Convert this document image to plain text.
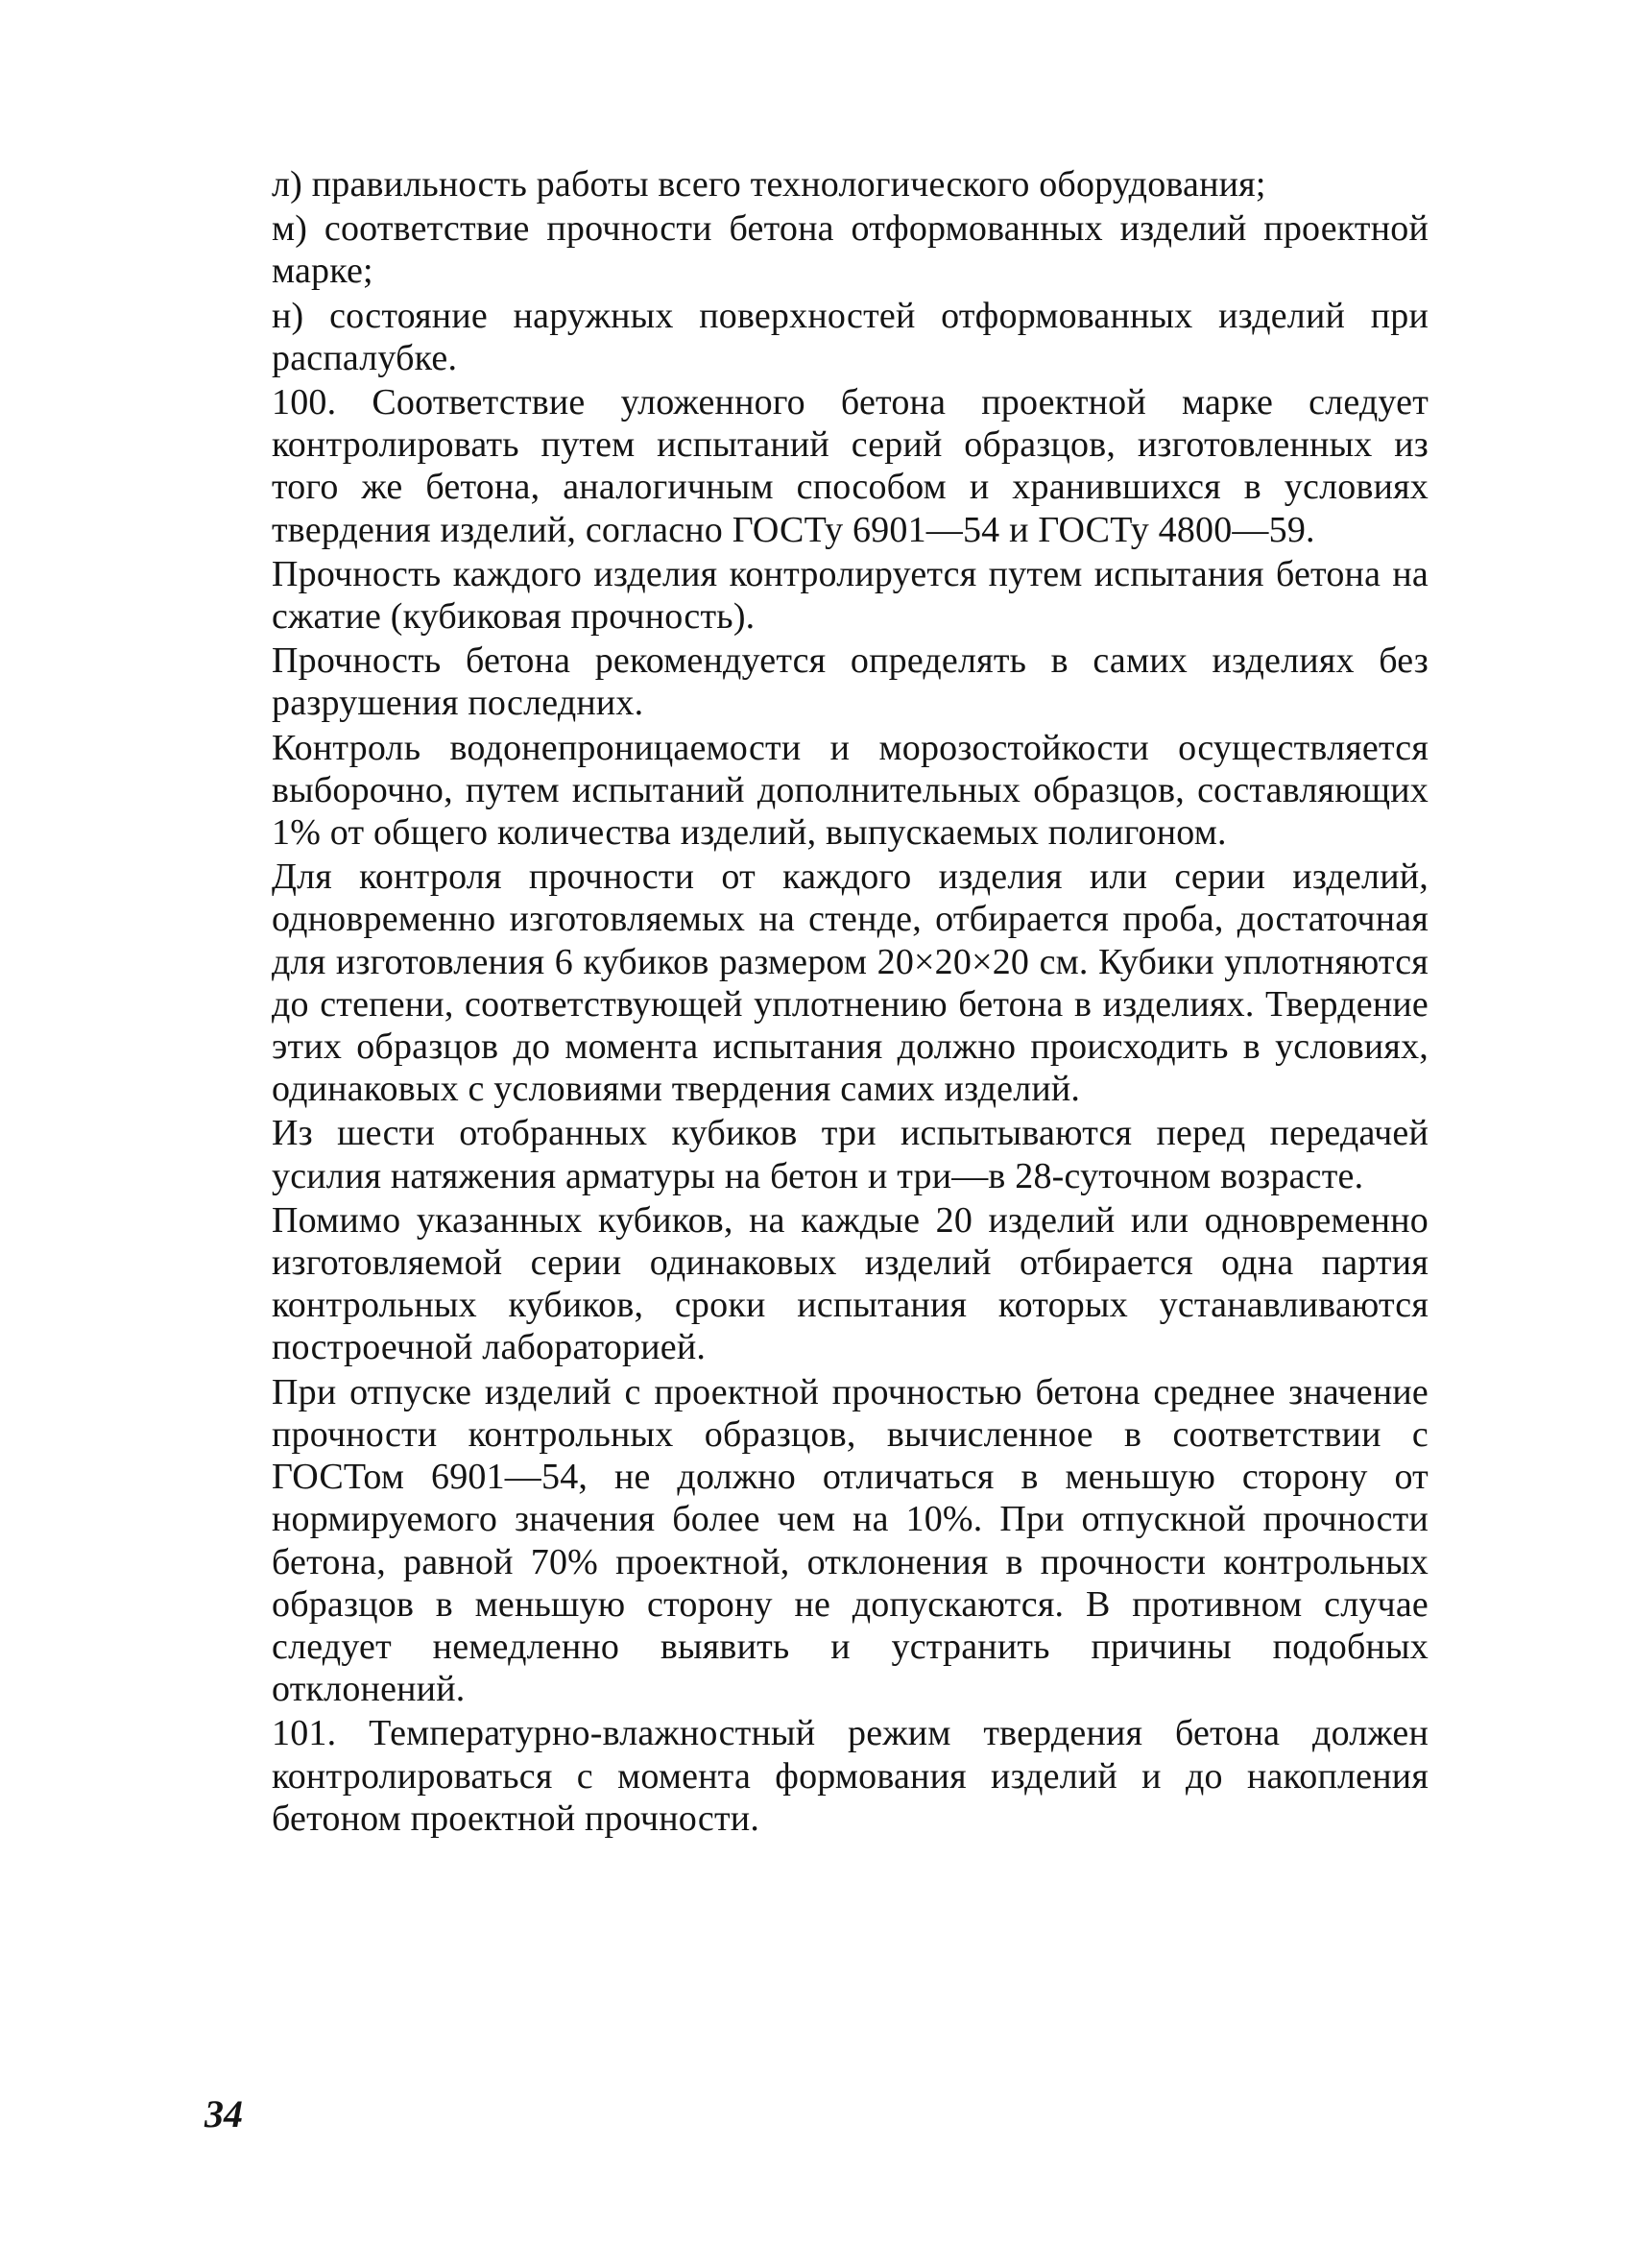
л) правильность работы всего технологического оборудования;

м) соответствие прочности бетона отформованных изделий проектной марке;

н) состояние наружных поверхностей отформованных изделий при распалубке.

100. Соответствие уложенного бетона проектной марке следует контролировать путем испытаний серий образцов, изготовленных из того же бетона, аналогичным способом и хранившихся в условиях твердения изделий, согласно ГОСТу 6901—54 и ГОСТу 4800—59.

Прочность каждого изделия контролируется путем испытания бетона на сжатие (кубиковая прочность).

Прочность бетона рекомендуется определять в самих изделиях без разрушения последних.

Контроль водонепроницаемости и морозостойкости осуществляется выборочно, путем испытаний дополнительных образцов, составляющих 1% от общего количества изделий, выпускаемых полигоном.

Для контроля прочности от каждого изделия или серии изделий, одновременно изготовляемых на стенде, отбирается проба, достаточная для изготовления 6 кубиков размером 20×20×20 см. Кубики уплотняются до степени, соответствующей уплотнению бетона в изделиях. Твердение этих образцов до момента испытания должно происходить в условиях, одинаковых с условиями твердения самих изделий.

Из шести отобранных кубиков три испытываются перед передачей усилия натяжения арматуры на бетон и три—в 28-суточном возрасте.

Помимо указанных кубиков, на каждые 20 изделий или одновременно изготовляемой серии одинаковых изделий отбирается одна партия контрольных кубиков, сроки испытания которых устанавливаются построечной лабораторией.

При отпуске изделий с проектной прочностью бетона среднее значение прочности контрольных образцов, вычисленное в соответствии с ГОСТом 6901—54, не должно отличаться в меньшую сторону от нормируемого значения более чем на 10%. При отпускной прочности бетона, равной 70% проектной, отклонения в прочности контрольных образцов в меньшую сторону не допускаются. В противном случае следует немедленно выявить и устранить причины подобных отклонений.

101. Температурно-влажностный режим твердения бетона должен контролироваться с момента формования изделий и до накопления бетоном проектной прочности.

34
